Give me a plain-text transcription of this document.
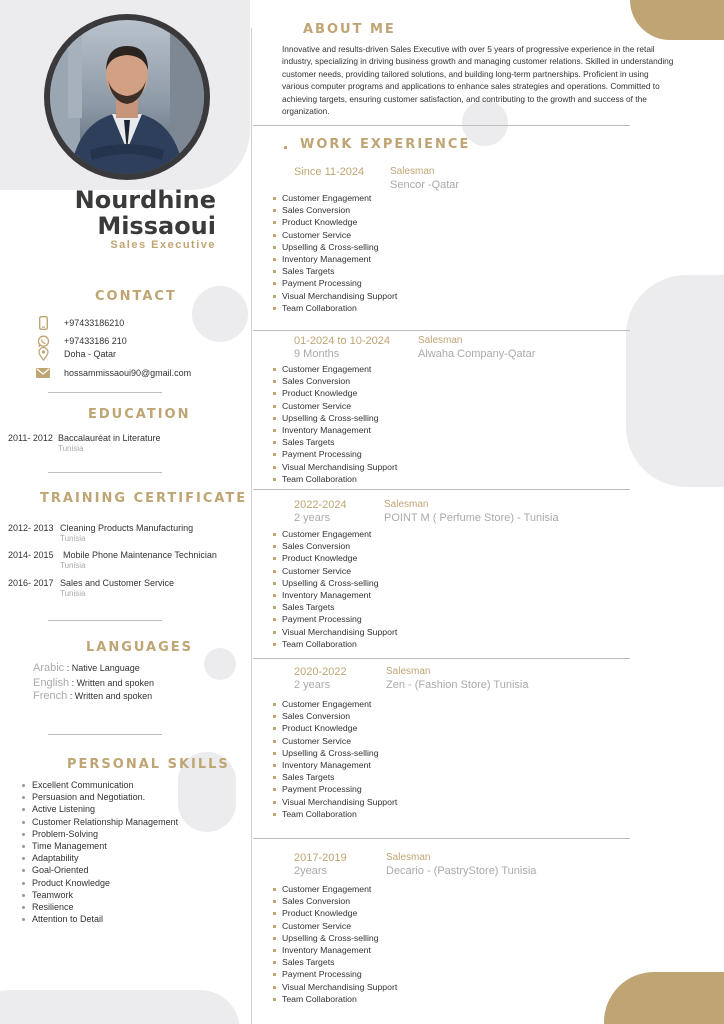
Nourdhine
Missaoui
Sales Executive
CONTACT
+97433186210
+97433186 210
Doha - Qatar
hossammissaoui90@gmail.com
EDUCATION
2011- 2012 Baccalauréat in Literature
Tunisia
TRAINING CERTIFICATE
2012- 2013 Cleaning Products Manufacturing
Tunisia
2014- 2015 Mobile Phone Maintenance Technician
Tunisia
2016- 2017 Sales and Customer Service
Tunisia
LANGUAGES
Arabic : Native Language
English : Written and spoken
French : Written and spoken
PERSONAL SKILLS
Excellent Communication
Persuasion and Negotiation.
Active Listening
Customer Relationship Management
Problem-Solving
Time Management
Adaptability
Goal-Oriented
Product Knowledge
Teamwork
Resilience
Attention to Detail
ABOUT ME
Innovative and results-driven Sales Executive with over 5 years of progressive experience in the retail industry, specializing in driving business growth and managing customer relations. Skilled in understanding customer needs, providing tailored solutions, and building long-term partnerships. Proficient in using various computer programs and applications to enhance sales strategies and operations. Committed to achieving targets, ensuring customer satisfaction, and contributing to the growth and success of the organization.
WORK EXPERIENCE
Since 11-2024	Salesman
Sencor -Qatar
Customer Engagement
Sales Conversion
Product Knowledge
Customer Service
Upselling & Cross-selling
Inventory Management
Sales Targets
Payment Processing
Visual Merchandising Support
Team Collaboration
01-2024 to 10-2024
9 Months
Salesman
Alwaha Company-Qatar
Customer Engagement
Sales Conversion
Product Knowledge
Customer Service
Upselling & Cross-selling
Inventory Management
Sales Targets
Payment Processing
Visual Merchandising Support
Team Collaboration
2022-2024
2 years
Salesman
POINT M ( Perfume Store) - Tunisia
Customer Engagement
Sales Conversion
Product Knowledge
Customer Service
Upselling & Cross-selling
Inventory Management
Sales Targets
Payment Processing
Visual Merchandising Support
Team Collaboration
2020-2022
2 years
Salesman
Zen - (Fashion Store) Tunisia
Customer Engagement
Sales Conversion
Product Knowledge
Customer Service
Upselling & Cross-selling
Inventory Management
Sales Targets
Payment Processing
Visual Merchandising Support
Team Collaboration
2017-2019
2years
Salesman
Decario - (PastryStore) Tunisia
Customer Engagement
Sales Conversion
Product Knowledge
Customer Service
Upselling & Cross-selling
Inventory Management
Sales Targets
Payment Processing
Visual Merchandising Support
Team Collaboration
